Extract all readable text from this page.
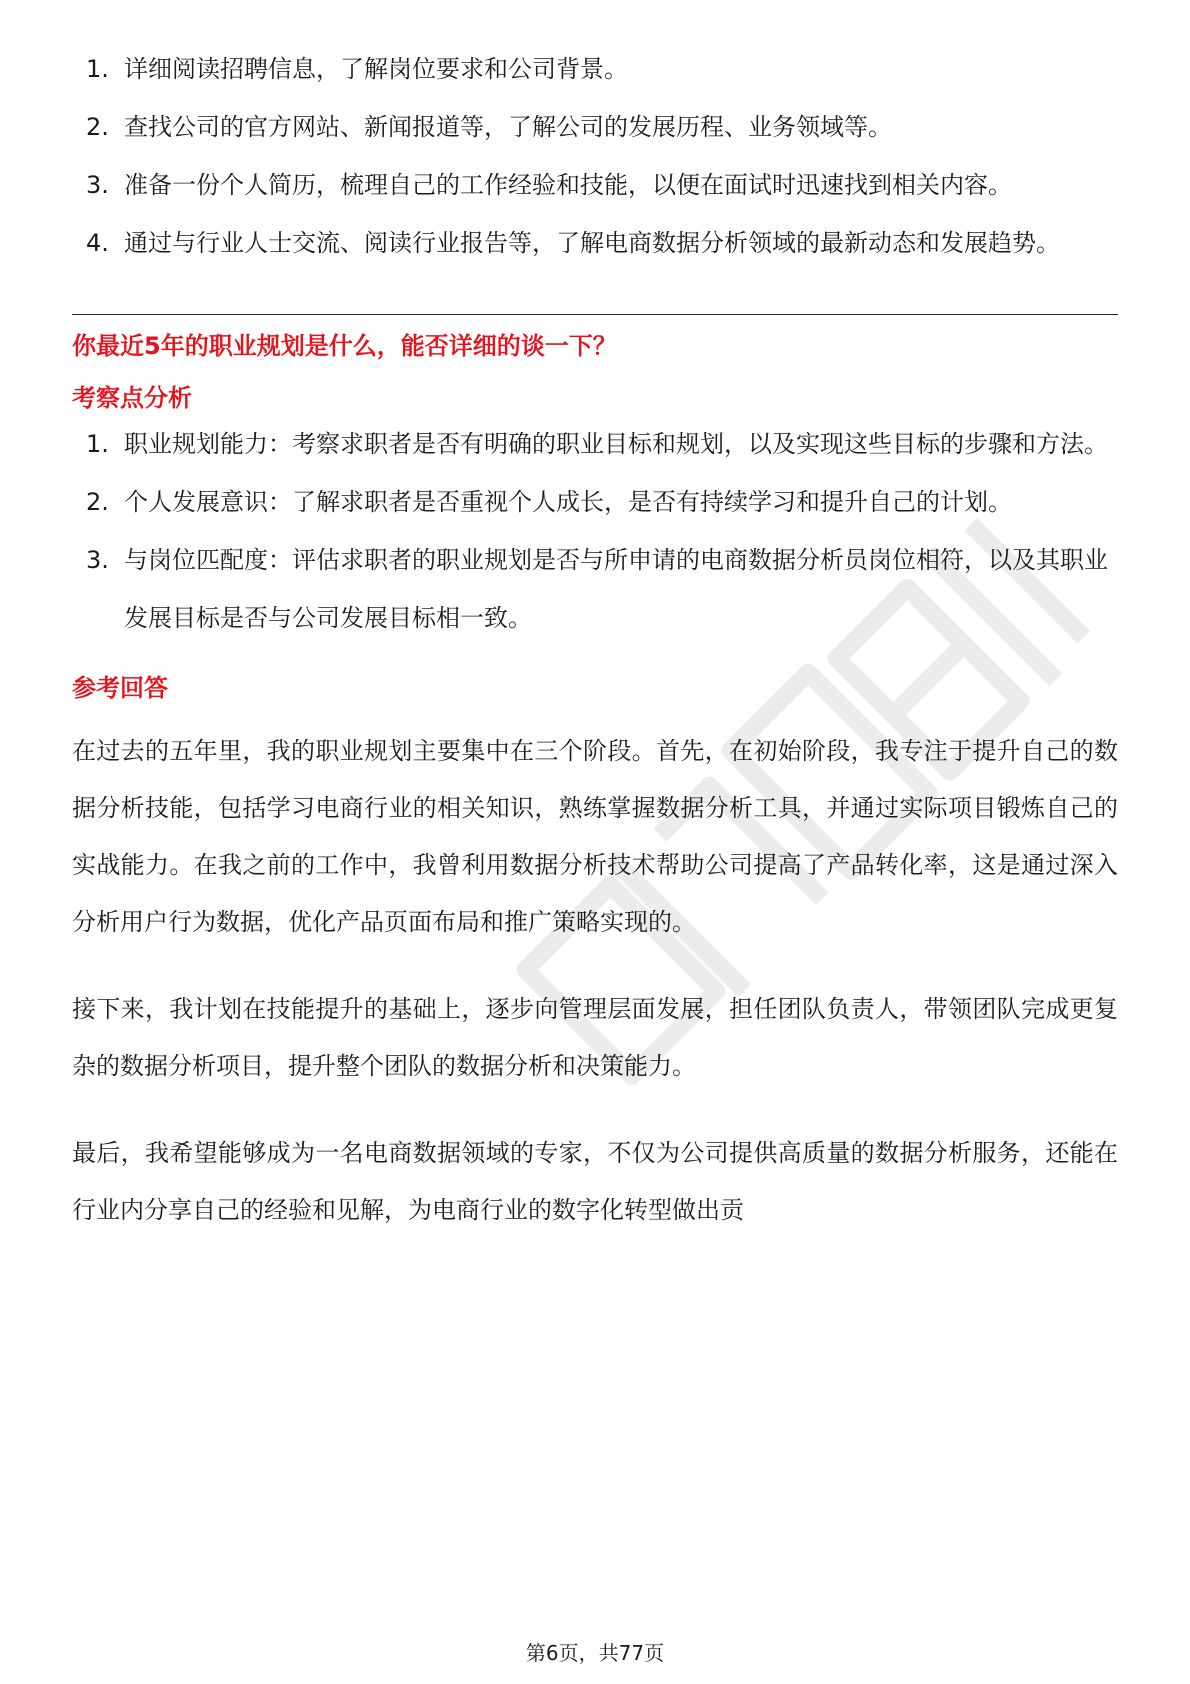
1. 详细阅读招聘信息，了解岗位要求和公司背景。
2. 查找公司的官方网站、新闻报道等，了解公司的发展历程、业务领域等。
3. 准备一份个人简历，梳理自己的工作经验和技能，以便在面试时迅速找到相关内容。
4. 通过与行业人士交流、阅读行业报告等，了解电商数据分析领域的最新动态和发展趋势。
你最近5年的职业规划是什么，能否详细的谈一下？
考察点分析
1. 职业规划能力：考察求职者是否有明确的职业目标和规划，以及实现这些目标的步骤和方法。
2. 个人发展意识：了解求职者是否重视个人成长，是否有持续学习和提升自己的计划。
3. 与岗位匹配度：评估求职者的职业规划是否与所申请的电商数据分析员岗位相符，以及其职业发展目标是否与公司发展目标相一致。
参考回答

在过去的五年里，我的职业规划主要集中在三个阶段。首先，在初始阶段，我专注于提升自己的数据分析技能，包括学习电商行业的相关知识，熟练掌握数据分析工具，并通过实际项目锻炼自己的实战能力。在我之前的工作中，我曾利用数据分析技术帮助公司提高了产品转化率，这是通过深入分析用户行为数据，优化产品页面布局和推广策略实现的。

接下来，我计划在技能提升的基础上，逐步向管理层面发展，担任团队负责人，带领团队完成更复杂的数据分析项目，提升整个团队的数据分析和决策能力。

最后，我希望能够成为一名电商数据领域的专家，不仅为公司提供高质量的数据分析服务，还能在行业内分享自己的经验和见解，为电商行业的数字化转型做出贡

第6页，共77页
